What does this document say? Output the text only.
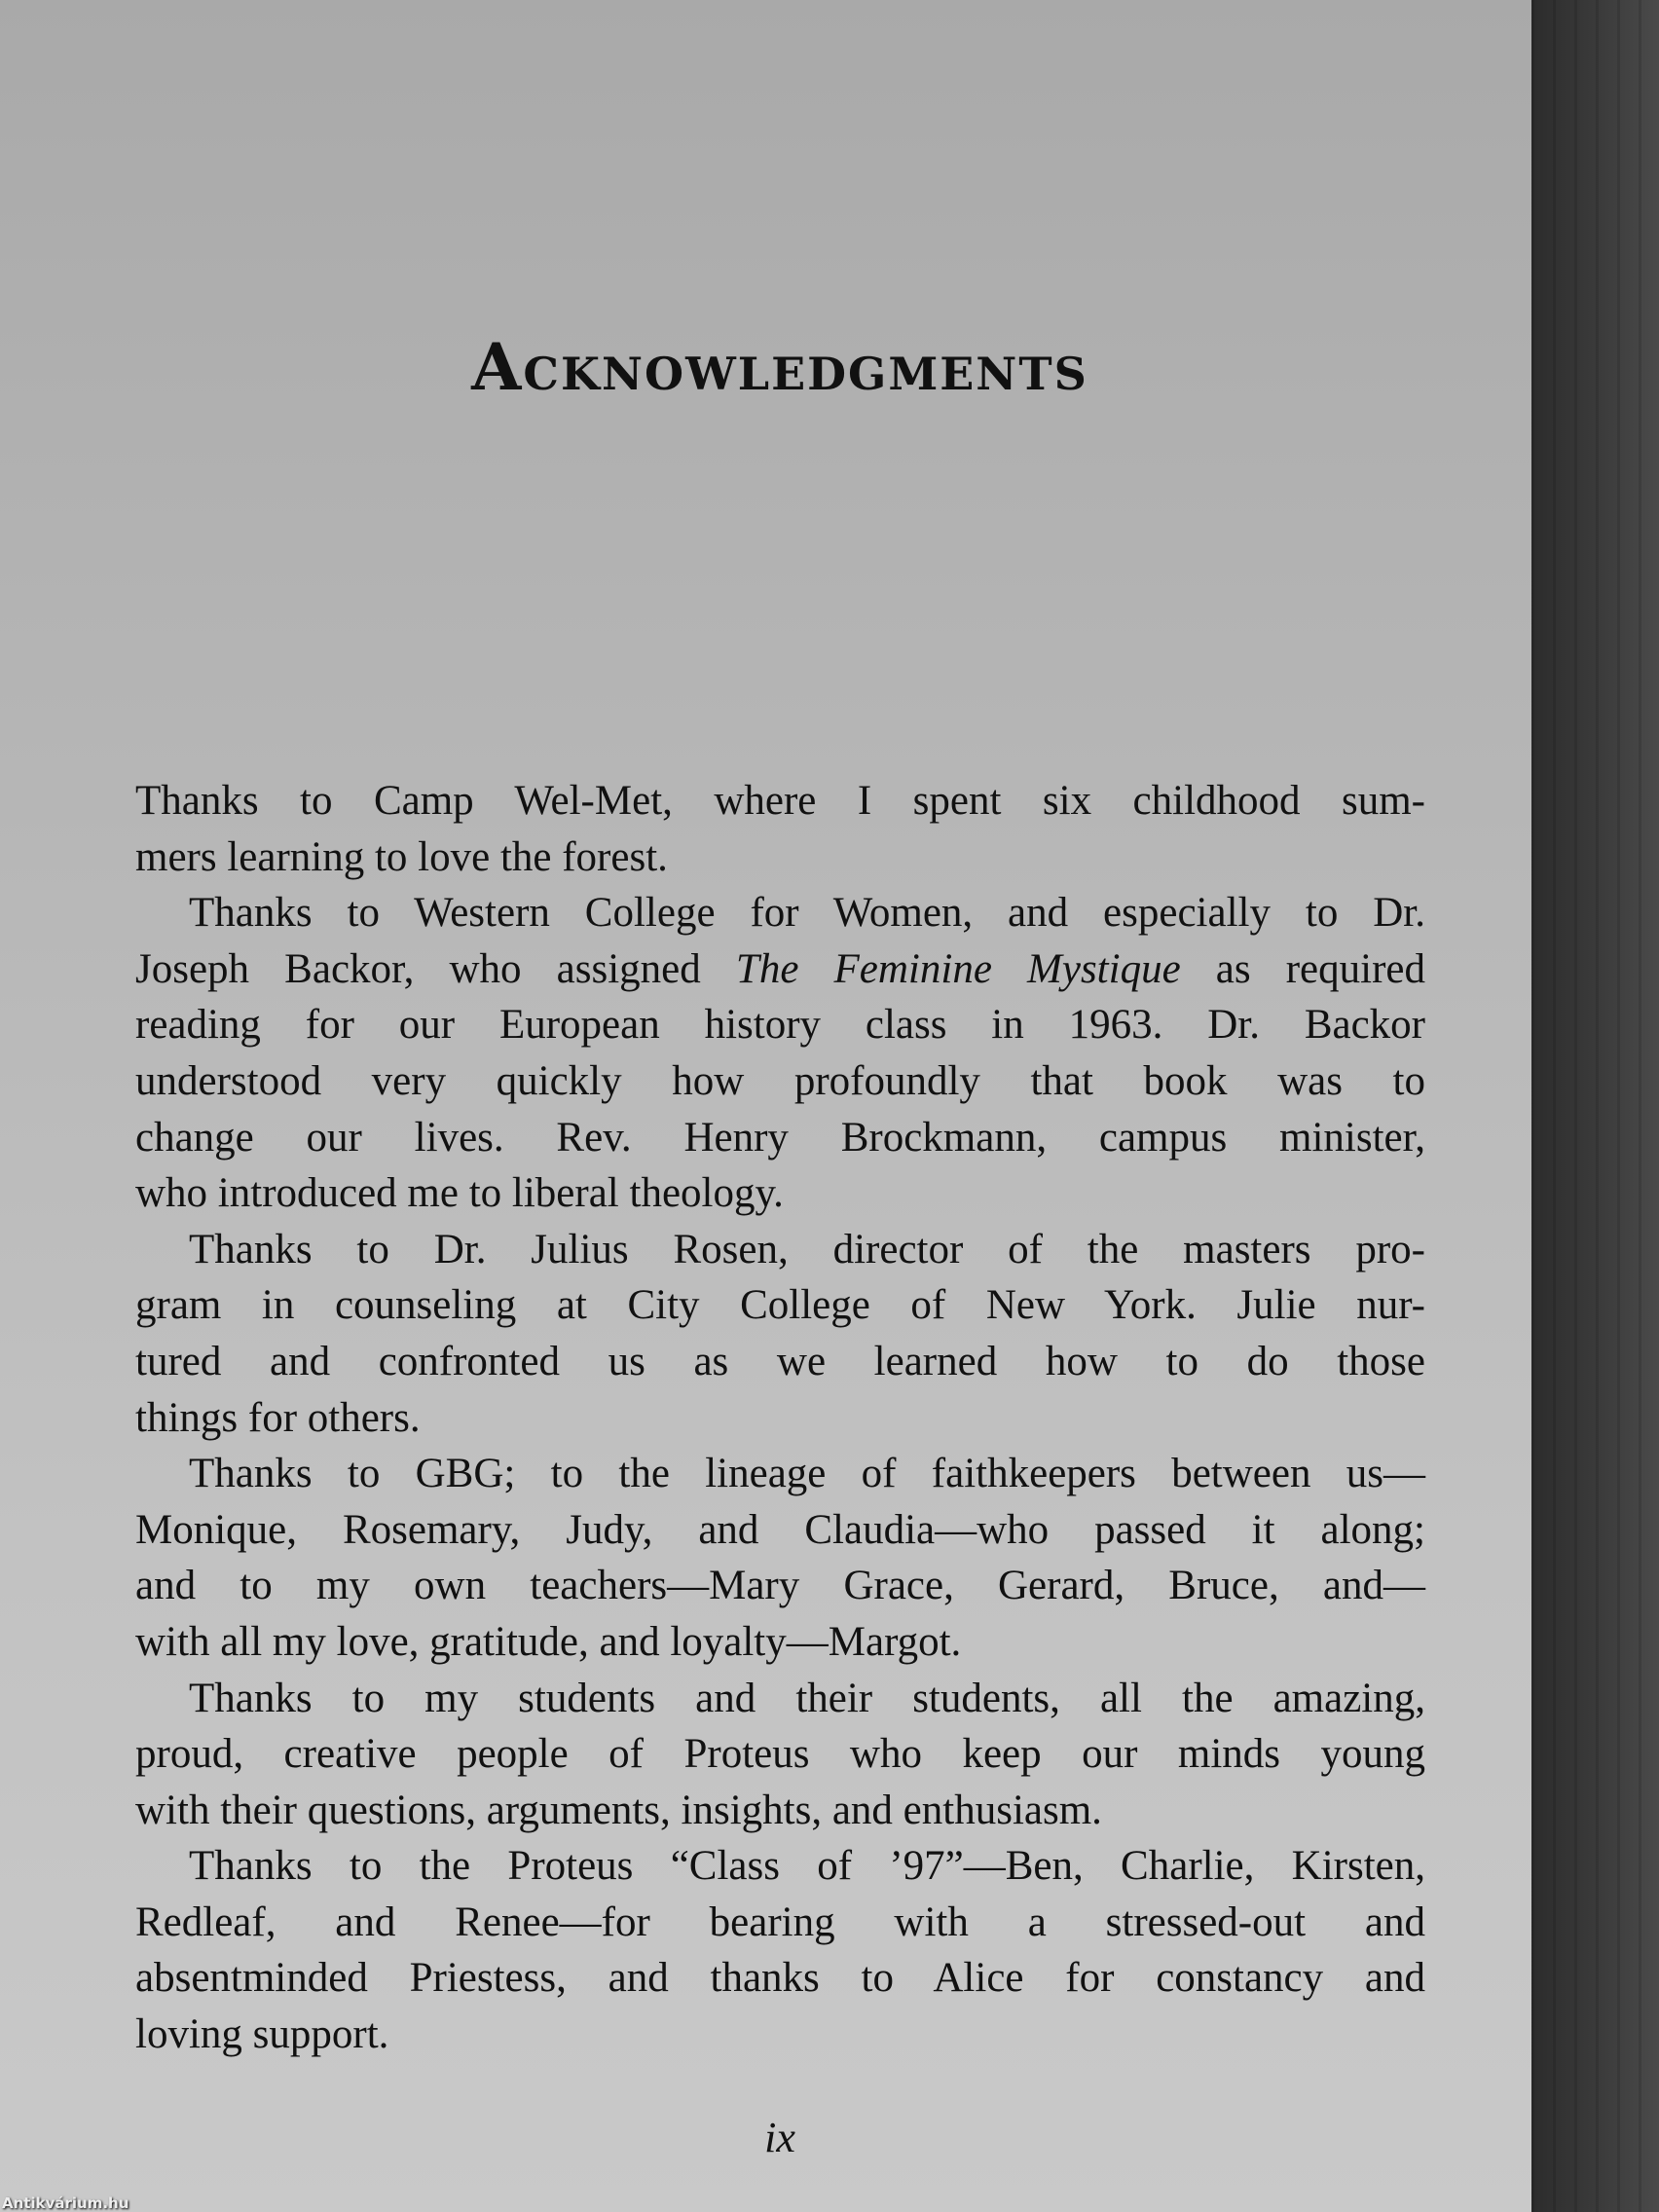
Acknowledgments
Thanks to Camp Wel-Met, where I spent six childhood sum-
mers learning to love the forest.
Thanks to Western College for Women, and especially to Dr.
Joseph Backor, who assigned The Feminine Mystique as required
reading for our European history class in 1963. Dr. Backor
understood very quickly how profoundly that book was to
change our lives. Rev. Henry Brockmann, campus minister,
who introduced me to liberal theology.
Thanks to Dr. Julius Rosen, director of the masters pro-
gram in counseling at City College of New York. Julie nur-
tured and confronted us as we learned how to do those
things for others.
Thanks to GBG; to the lineage of faithkeepers between us—
Monique, Rosemary, Judy, and Claudia—who passed it along;
and to my own teachers—Mary Grace, Gerard, Bruce, and—
with all my love, gratitude, and loyalty—Margot.
Thanks to my students and their students, all the amazing,
proud, creative people of Proteus who keep our minds young
with their questions, arguments, insights, and enthusiasm.
Thanks to the Proteus “Class of ’97”—Ben, Charlie, Kirsten,
Redleaf, and Renee—for bearing with a stressed-out and
absentminded Priestess, and thanks to Alice for constancy and
loving support.
ix
Antikvárium.hu
